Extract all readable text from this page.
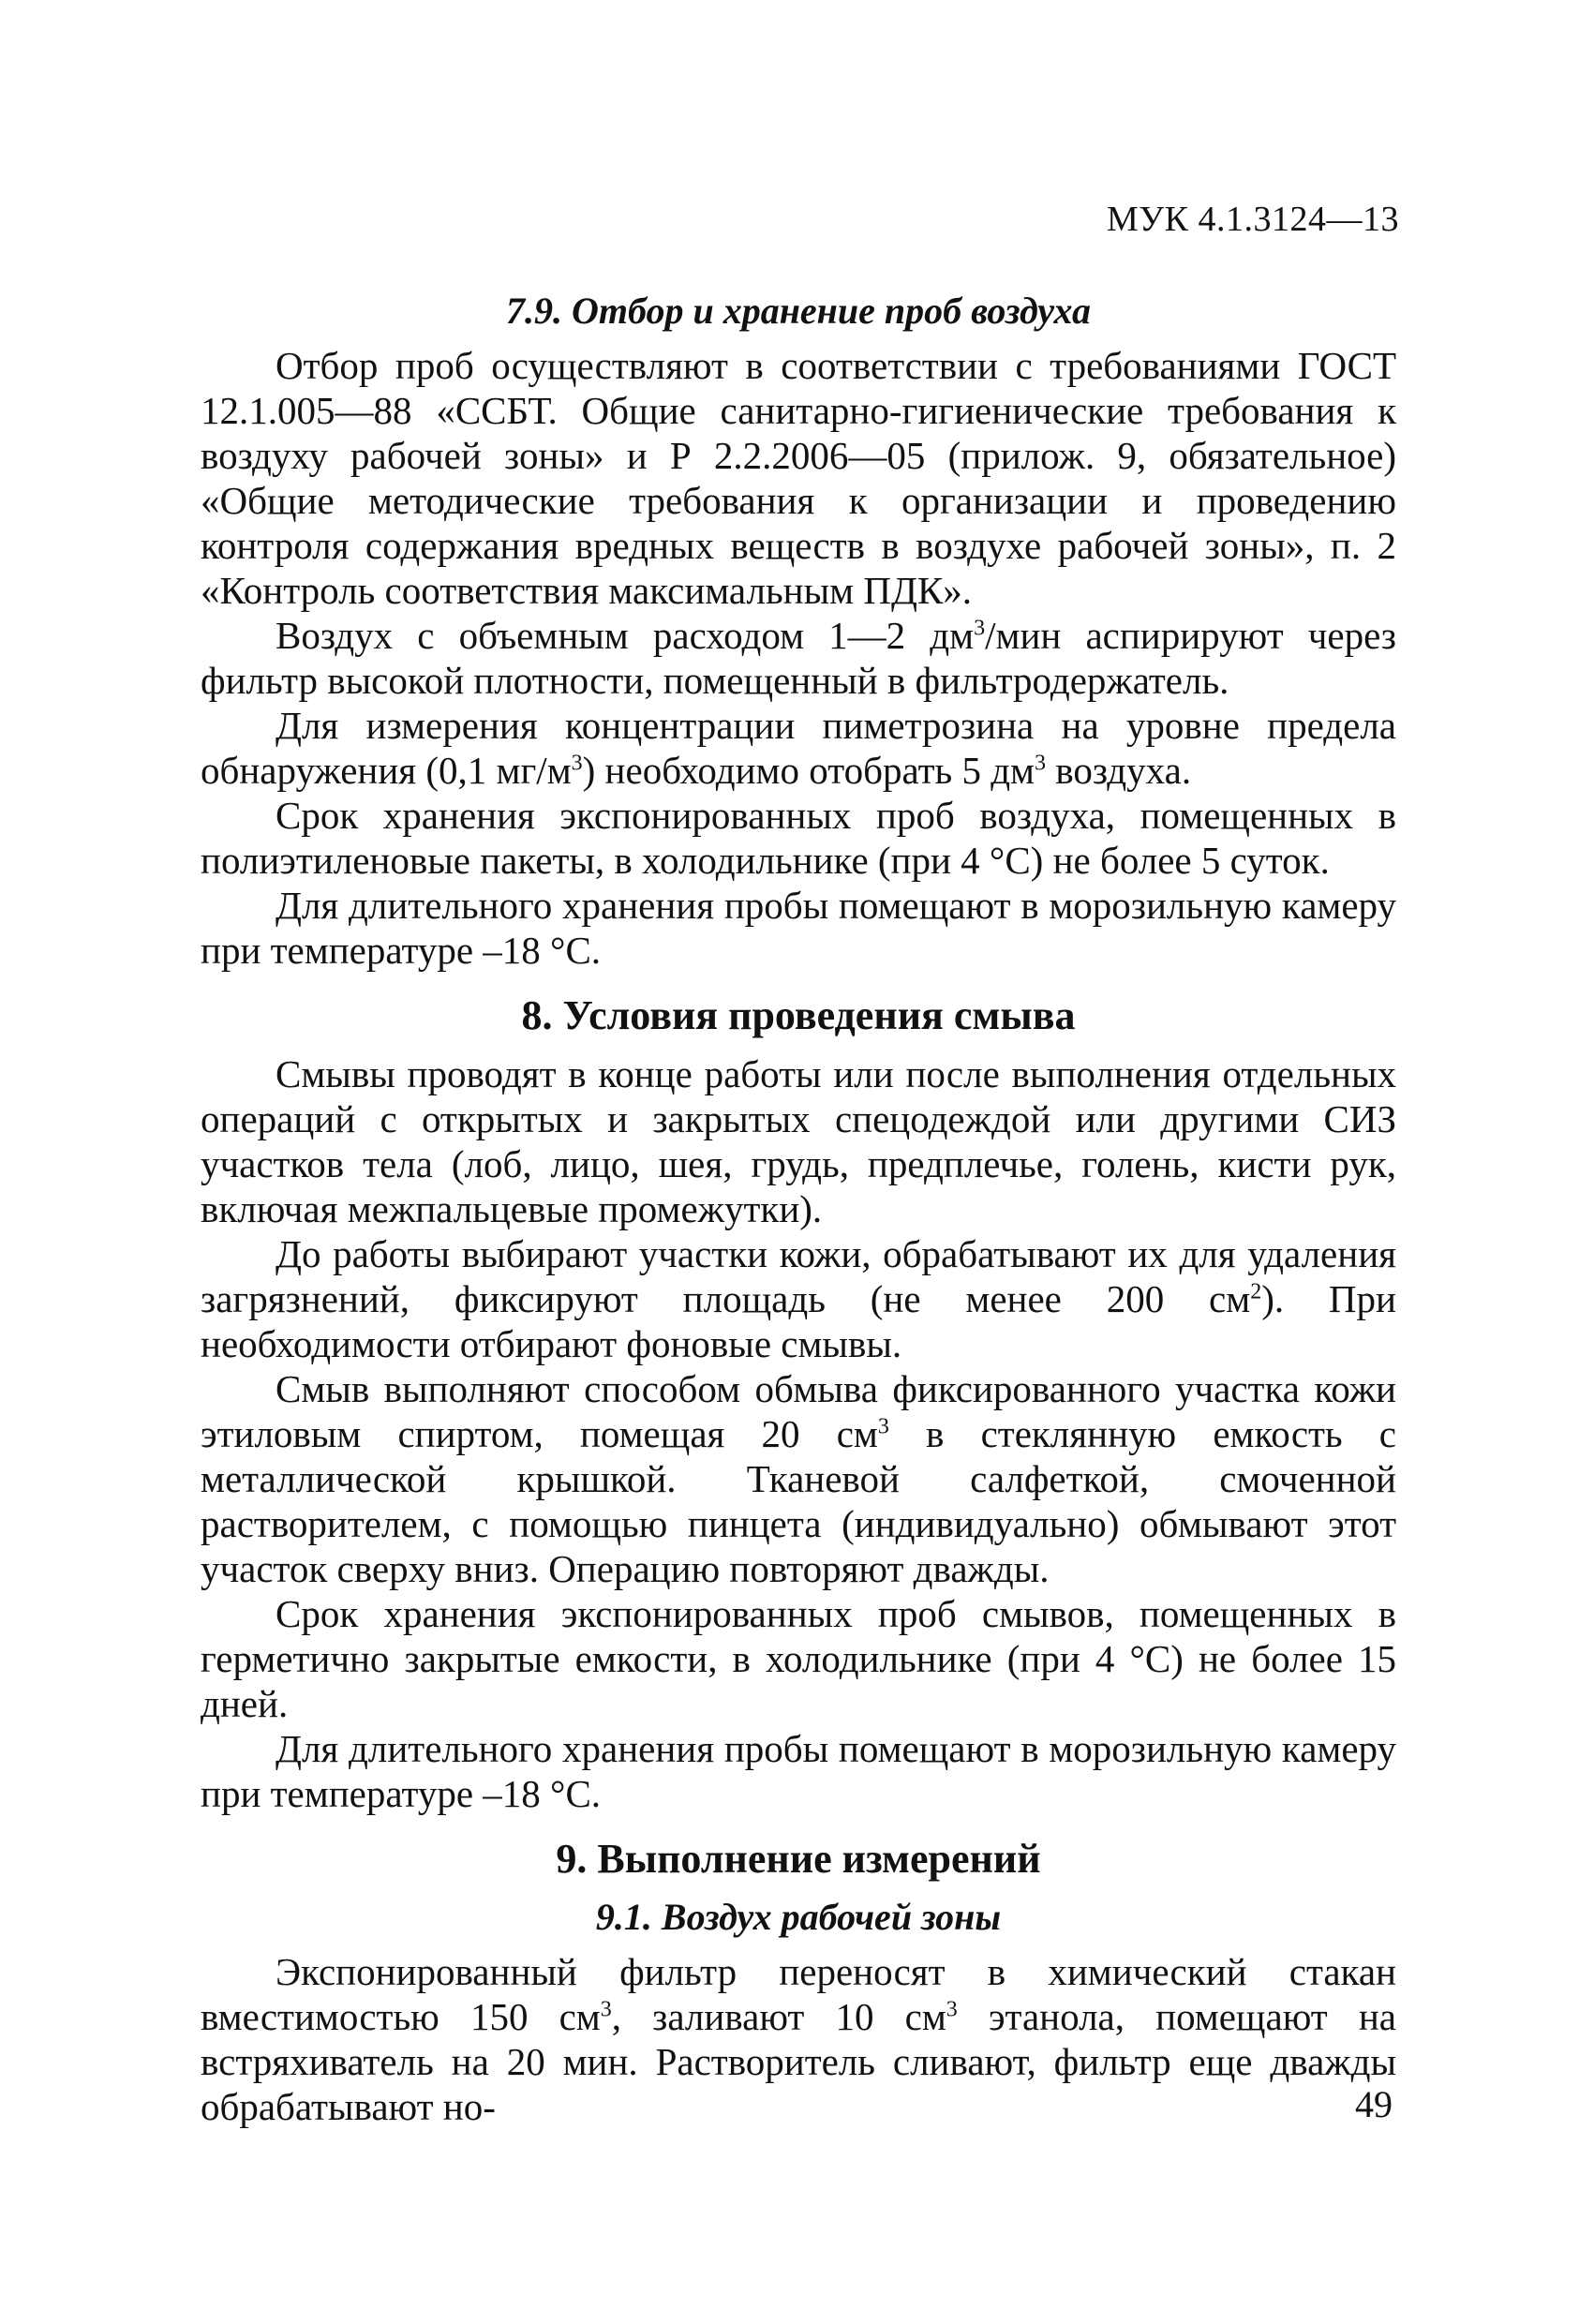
МУК 4.1.3124—13
7.9. Отбор и хранение проб воздуха

Отбор проб осуществляют в соответствии с требованиями ГОСТ 12.1.005—88 «ССБТ. Общие санитарно-гигиенические требования к воздуху рабочей зоны» и Р 2.2.2006—05 (прилож. 9, обязательное) «Общие методические требования к организации и проведению контроля содержания вредных веществ в воздухе рабочей зоны», п. 2 «Контроль соответствия максимальным ПДК».

Воздух с объемным расходом 1—2 $дм^3$/мин аспирируют через фильтр высокой плотности, помещенный в фильтродержатель.

Для измерения концентрации пиметрозина на уровне предела обнаружения (0,1 $мг/м^3$) необходимо отобрать 5 $дм^3$ воздуха.

Срок хранения экспонированных проб воздуха, помещенных в полиэтиленовые пакеты, в холодильнике (при 4 °С) не более 5 суток.

Для длительного хранения пробы помещают в морозильную камеру при температуре –18 °С.

8. Условия проведения смыва

Смывы проводят в конце работы или после выполнения отдельных операций с открытых и закрытых спецодеждой или другими СИЗ участков тела (лоб, лицо, шея, грудь, предплечье, голень, кисти рук, включая межпальцевые промежутки).

До работы выбирают участки кожи, обрабатывают их для удаления загрязнений, фиксируют площадь (не менее 200 $см^2$). При необходимости отбирают фоновые смывы.

Смыв выполняют способом обмыва фиксированного участка кожи этиловым спиртом, помещая 20 $см^3$ в стеклянную емкость с металлической крышкой. Тканевой салфеткой, смоченной растворителем, с помощью пинцета (индивидуально) обмывают этот участок сверху вниз. Операцию повторяют дважды.

Срок хранения экспонированных проб смывов, помещенных в герметично закрытые емкости, в холодильнике (при 4 °С) не более 15 дней.

Для длительного хранения пробы помещают в морозильную камеру при температуре –18 °С.

9. Выполнение измерений
9.1. Воздух рабочей зоны

Экспонированный фильтр переносят в химический стакан вместимостью 150 $см^3$, заливают 10 $см^3$ этанола, помещают на встряхиватель на 20 мин. Растворитель сливают, фильтр еще дважды обрабатывают но-	49
